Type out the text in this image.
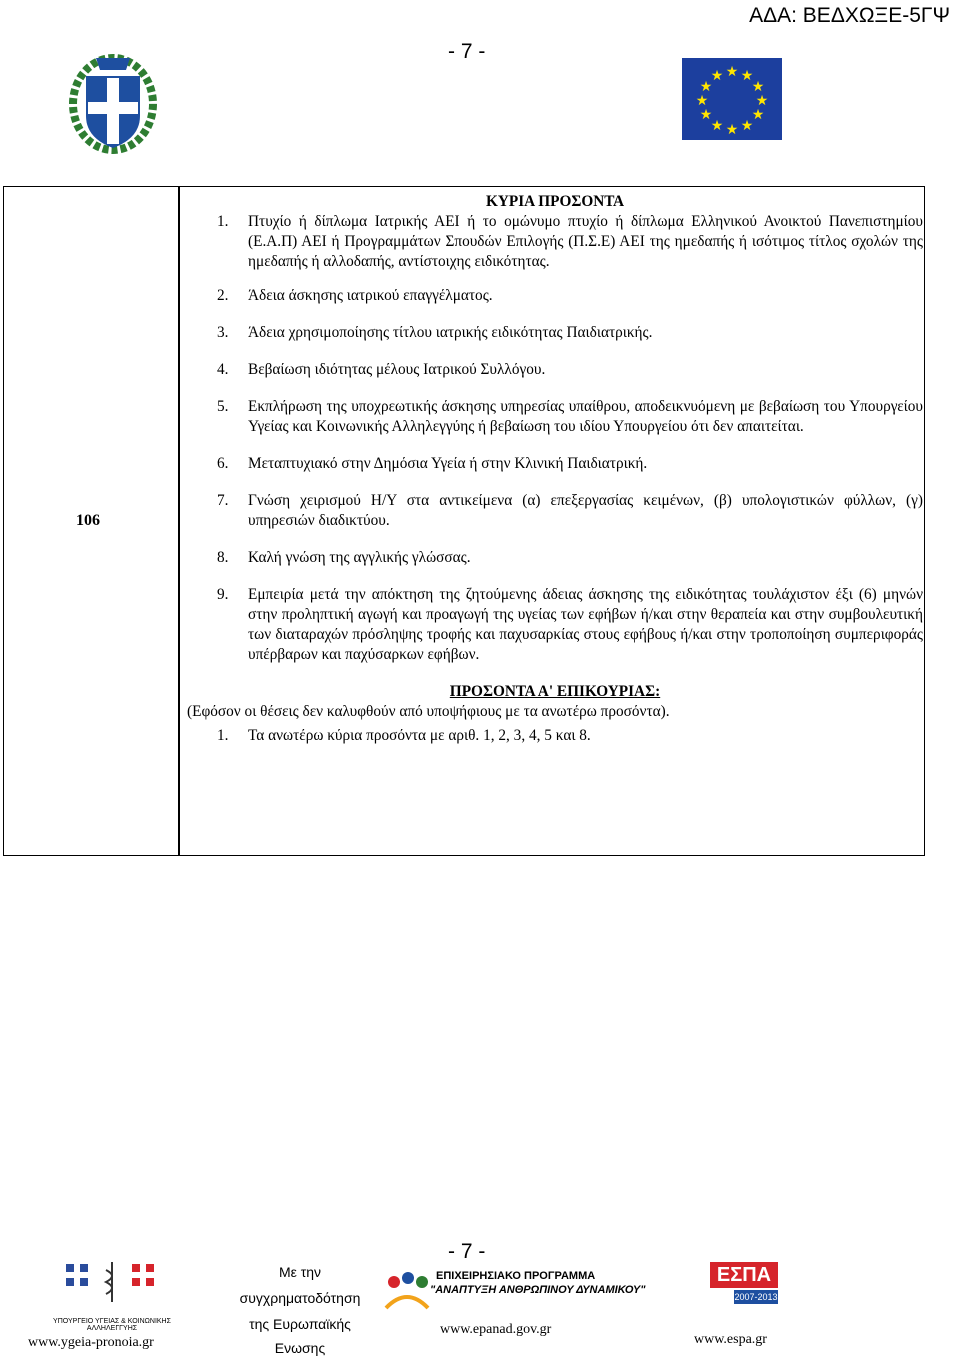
ΑΔΑ: ΒΕΔΧΩΞΕ-5ΓΨ
- 7 -
★ ★
★
★
★
★
★
★
★
★
★
★
106
ΚΥΡΙΑ ΠΡΟΣΟΝΤΑ
1.	Πτυχίο ή δίπλωμα Ιατρικής ΑΕΙ ή το ομώνυμο πτυχίο ή δίπλωμα Ελληνικού Ανοικτού Πανεπιστημίου (Ε.Α.Π) ΑΕΙ ή Προγραμμάτων Σπουδών Επιλογής (Π.Σ.Ε) ΑΕΙ της ημεδαπής ή ισότιμος τίτλος σχολών της ημεδαπής ή αλλοδαπής, αντίστοιχης ειδικότητας.
2.	Άδεια άσκησης ιατρικού επαγγέλματος.
3.	Άδεια χρησιμοποίησης τίτλου ιατρικής ειδικότητας Παιδιατρικής.
4.	Βεβαίωση ιδιότητας μέλους Ιατρικού Συλλόγου.
5.	Εκπλήρωση της υποχρεωτικής άσκησης υπηρεσίας υπαίθρου, αποδεικνυόμενη με βεβαίωση του Υπουργείου Υγείας και Κοινωνικής Αλληλεγγύης ή βεβαίωση του ιδίου Υπουργείου ότι δεν απαιτείται.
6.	Μεταπτυχιακό στην Δημόσια Υγεία ή στην Κλινική Παιδιατρική.
7.	Γνώση χειρισμού Η/Υ στα αντικείμενα (α) επεξεργασίας κειμένων, (β) υπολογιστικών φύλλων, (γ) υπηρεσιών διαδικτύου.
8.	Καλή γνώση της αγγλικής γλώσσας.
9.	Εμπειρία μετά την απόκτηση της ζητούμενης άδειας άσκησης της ειδικότητας τουλάχιστον έξι (6) μηνών στην προληπτική αγωγή και προαγωγή της υγείας των εφήβων ή/και στην θεραπεία και στην συμβουλευτική των διαταραχών πρόσληψης τροφής και παχυσαρκίας στους εφήβους ή/και στην τροποποίηση συμπεριφοράς υπέρβαρων και παχύσαρκων εφήβων.
ΠΡΟΣΟΝΤΑ Α' ΕΠΙΚΟΥΡΙΑΣ:

(Εφόσον οι θέσεις δεν καλυφθούν από υποψήφιους με τα ανωτέρω προσόντα).

1.	Τα ανωτέρω κύρια προσόντα με αριθ. 1, 2, 3, 4, 5 και 8.
- 7 -
ΥΠΟΥΡΓΕΙΟ ΥΓΕΙΑΣ & ΚΟΙΝΩΝΙΚΗΣ ΑΛΛΗΛΕΓΓΥΗΣ
www.ygeia-pronoia.gr
Με την
συγχρηματοδότηση
της Ευρωπαϊκής
Ενωσης
ΕΠΙΧΕΙΡΗΣΙΑΚΟ ΠΡΟΓΡΑΜΜΑ
"ΑΝΑΠΤΥΞΗ ΑΝΘΡΩΠΙΝΟΥ ΔΥΝΑΜΙΚΟΥ"
www.epanad.gov.gr
ΕΣΠΑ
2007-2013
www.espa.gr
